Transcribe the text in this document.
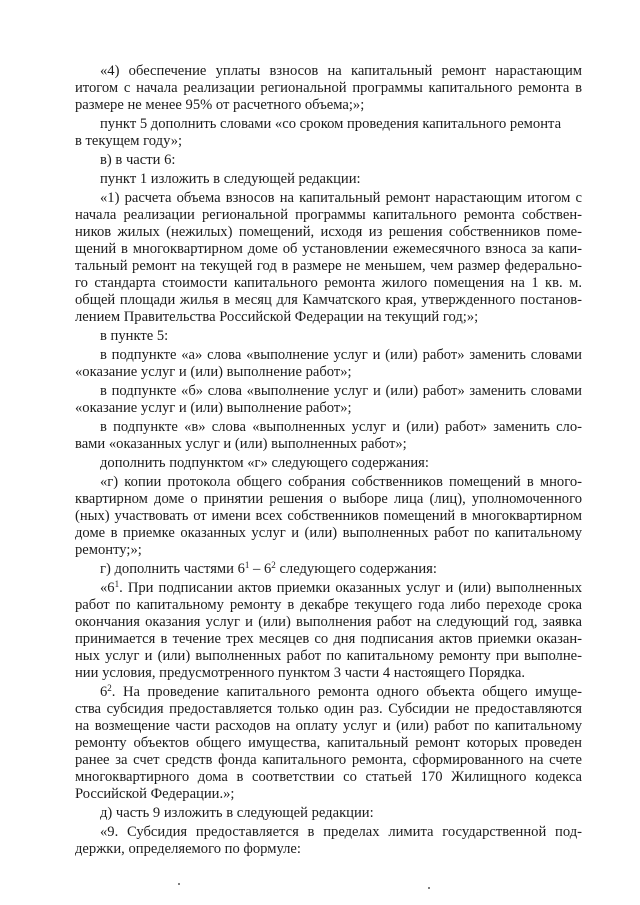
«4) обеспечение уплаты взносов на капитальный ремонт нарастающим
итогом с начала реализации региональной программы капитального ремонта в
размере не менее 95% от расчетного объема;»;
пункт 5 дополнить словами «со сроком проведения капитального ремонта
в текущем году»;
в) в части 6:
пункт 1 изложить в следующей редакции:
«1) расчета объема взносов на капитальный ремонт нарастающим итогом с
начала реализации региональной программы капитального ремонта собствен-
ников жилых (нежилых) помещений, исходя из решения собственников поме-
щений в многоквартирном доме об установлении ежемесячного взноса за капи-
тальный ремонт на текущей год в размере не меньшем, чем размер федерально-
го стандарта стоимости капитального ремонта жилого помещения на 1 кв. м.
общей площади жилья в месяц для Камчатского края, утвержденного постанов-
лением Правительства Российской Федерации на текущий год;»;
в пункте 5:
в подпункте «а» слова «выполнение услуг и (или) работ» заменить словами
«оказание услуг и (или) выполнение работ»;
в подпункте «б» слова «выполнение услуг и (или) работ» заменить словами
«оказание услуг и (или) выполнение работ»;
в подпункте «в» слова «выполненных услуг и (или) работ» заменить сло-
вами «оказанных услуг и (или) выполненных работ»;
дополнить подпунктом «г» следующего содержания:
«г) копии протокола общего собрания собственников помещений в много-
квартирном доме о принятии решения о выборе лица (лиц), уполномоченного
(ных) участвовать от имени всех собственников помещений в многоквартирном
доме в приемке оказанных услуг и (или) выполненных работ по капитальному
ремонту;»;
г) дополнить частями $6^1 - 6^2$ следующего содержания:
«$6^1$. При подписании актов приемки оказанных услуг и (или) выполненных
работ по капитальному ремонту в декабре текущего года либо переходе срока
окончания оказания услуг и (или) выполнения работ на следующий год, заявка
принимается в течение трех месяцев со дня подписания актов приемки оказан-
ных услуг и (или) выполненных работ по капитальному ремонту при выполне-
нии условия, предусмотренного пунктом 3 части 4 настоящего Порядка.
$6^2$. На проведение капитального ремонта одного объекта общего имуще-
ства субсидия предоставляется только один раз. Субсидии не предоставляются
на возмещение части расходов на оплату услуг и (или) работ по капитальному
ремонту объектов общего имущества, капитальный ремонт которых проведен
ранее за счет средств фонда капитального ремонта, сформированного на счете
многоквартирного дома в соответствии со статьей 170 Жилищного кодекса
Российской Федерации.»;
д) часть 9 изложить в следующей редакции:
«9. Субсидия предоставляется в пределах лимита государственной под-
держки, определяемого по формуле:
